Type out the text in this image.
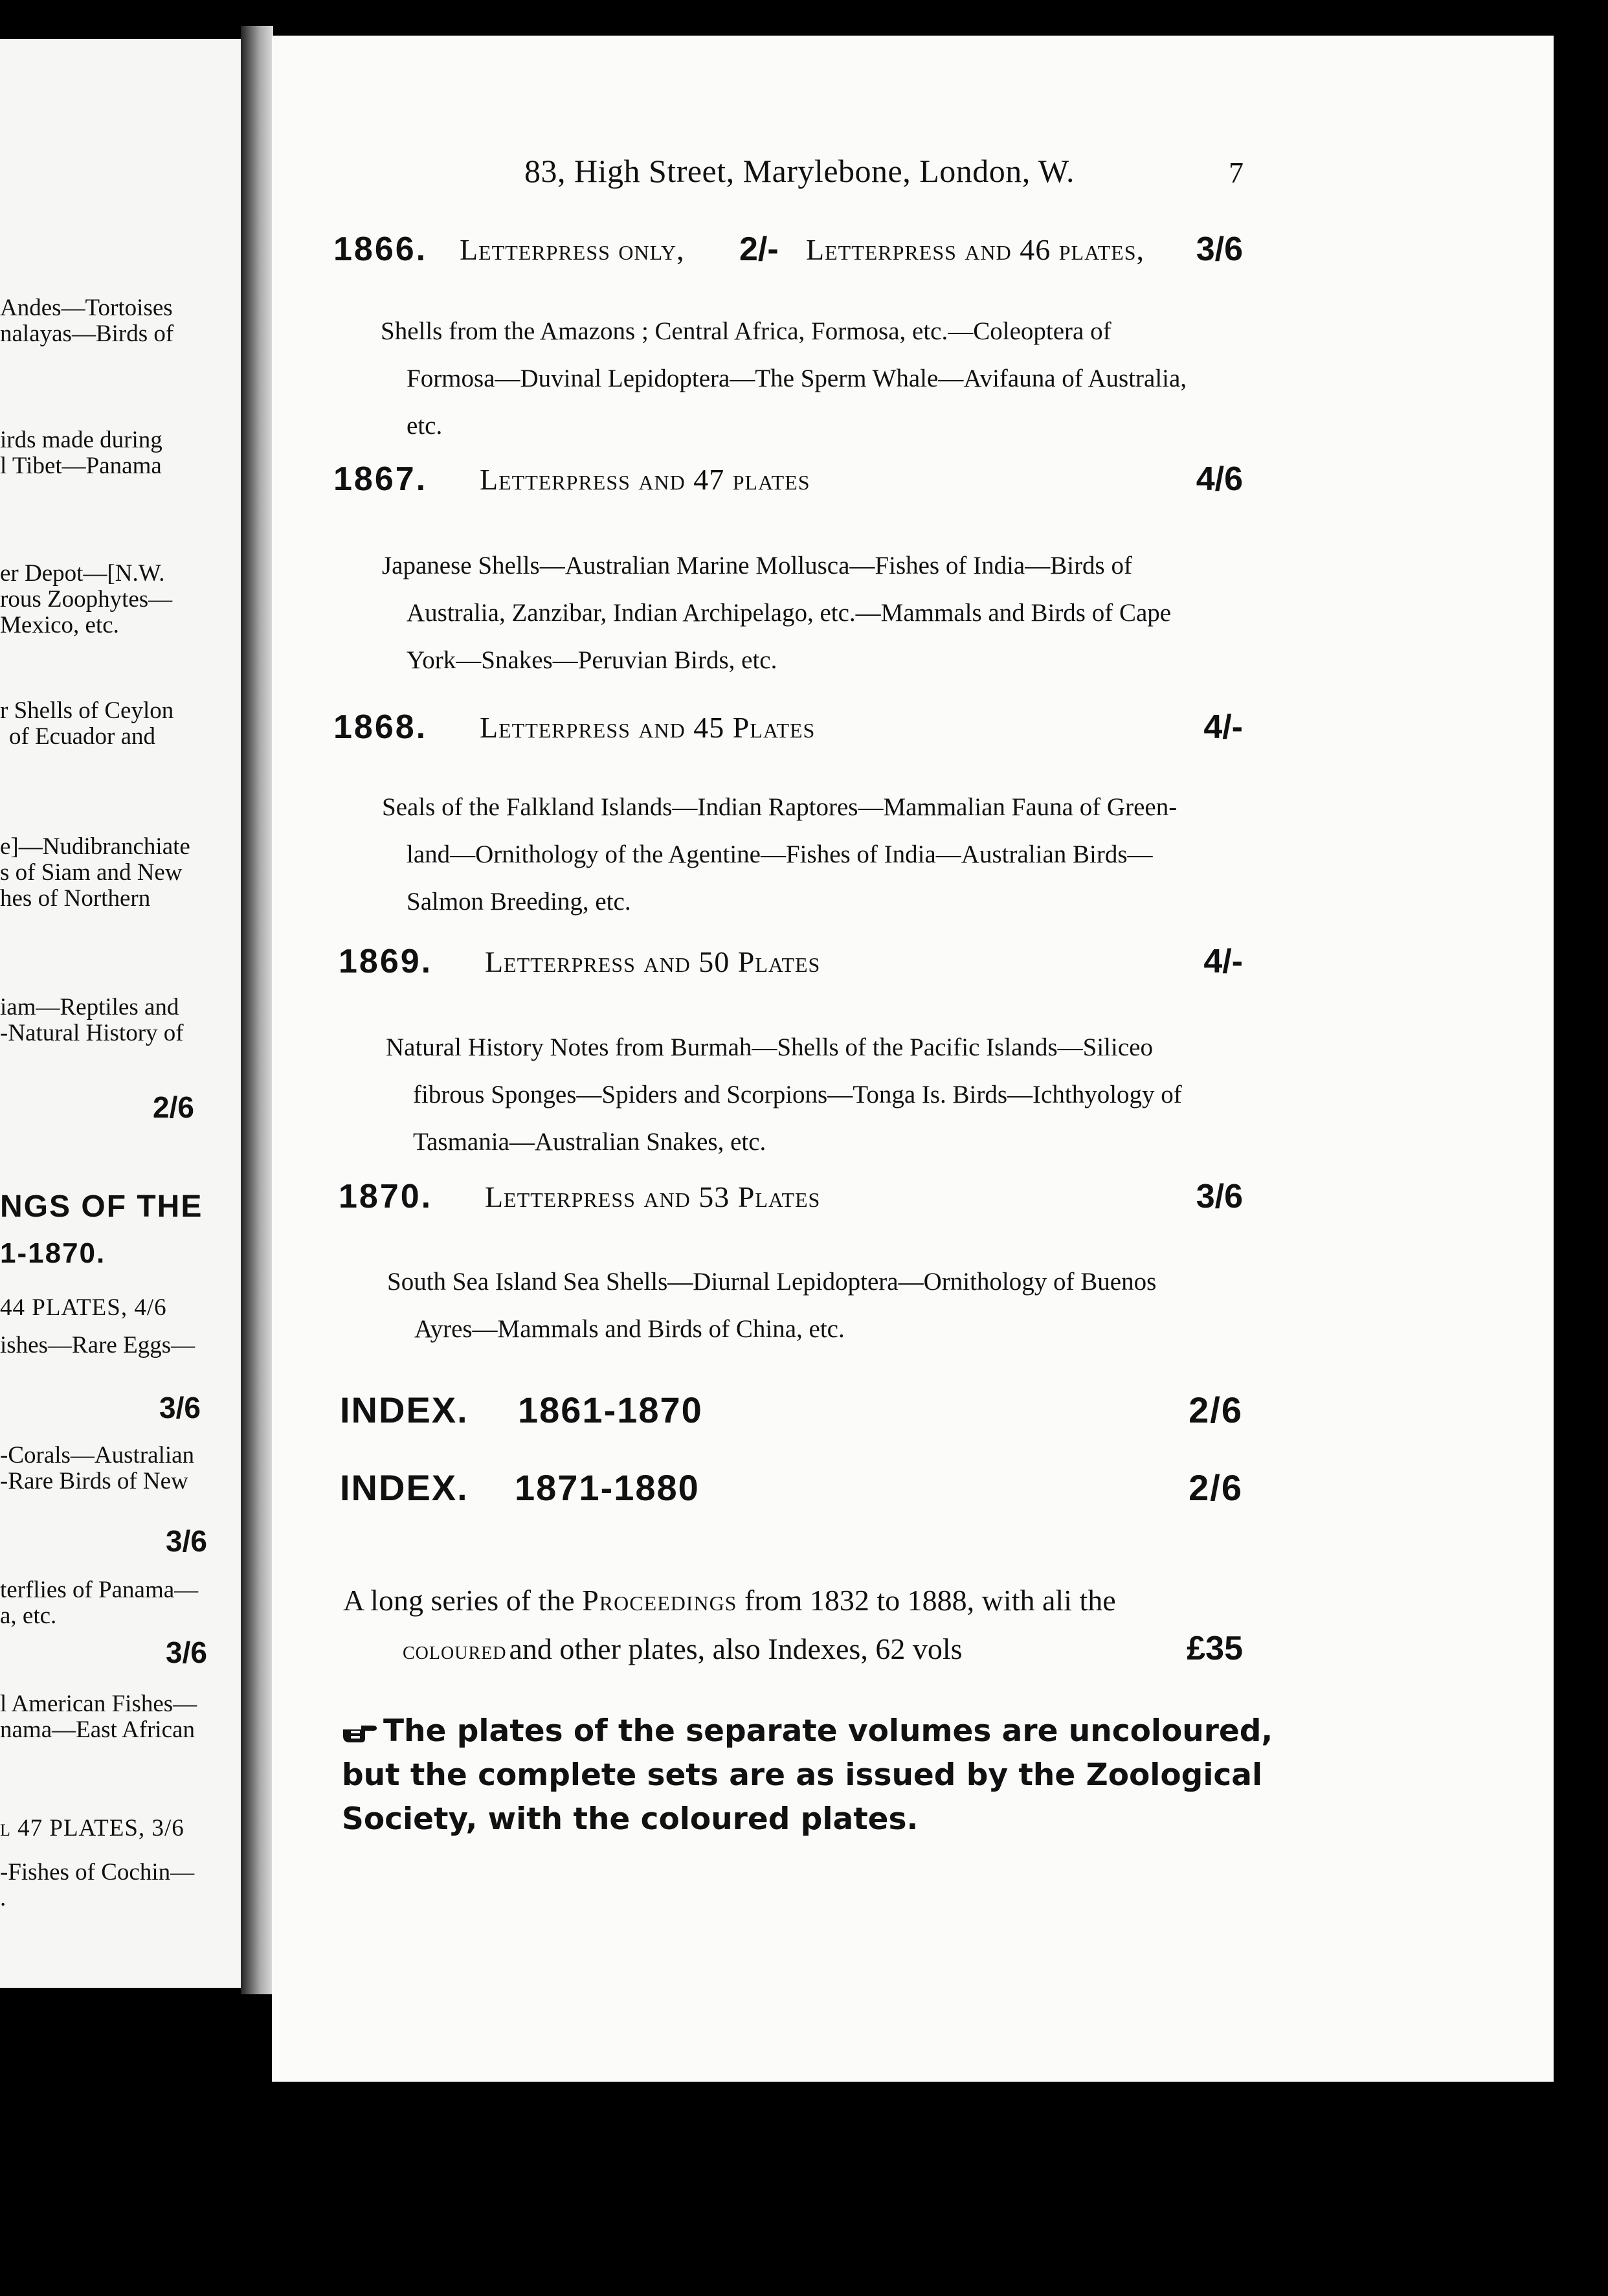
Andes—Tortoises
nalayas—Birds of
irds made during
l Tibet—Panama
er Depot—[N.W.
rous Zoophytes—
Mexico, etc.
r Shells of Ceylon
of Ecuador and
e]—Nudibranchiate
s of Siam and New
hes of Northern
iam—Reptiles and
-Natural History of
2/6
NGS OF THE
1-1870.
44 PLATES, 4/6
ishes—Rare Eggs—
3/6
-Corals—Australian
-Rare Birds of New
3/6
terflies of Panama—
a, etc.
3/6
l American Fishes—
nama—East African
l 47 PLATES, 3/6
-Fishes of Cochin—
.
83, High Street, Marylebone, London, W.	7
1866. Letterpress only, 2/- Letterpress and 46 plates, 3/6
Shells from the Amazons ; Central Africa, Formosa, etc.—Coleoptera of
Formosa—Duvinal Lepidoptera—The Sperm Whale—Avifauna of Australia,
etc.
1867. Letterpress and 47 plates	4/6
Japanese Shells—Australian Marine Mollusca—Fishes of India—Birds of
Australia, Zanzibar, Indian Archipelago, etc.—Mammals and Birds of Cape
York—Snakes—Peruvian Birds, etc.
1868. Letterpress and 45 Plates	4/-
Seals of the Falkland Islands—Indian Raptores—Mammalian Fauna of Green-
land—Ornithology of the Agentine—Fishes of India—Australian Birds—
Salmon Breeding, etc.
1869. Letterpress and 50 Plates	4/-
Natural History Notes from Burmah—Shells of the Pacific Islands—Siliceo
fibrous Sponges—Spiders and Scorpions—Tonga Is. Birds—Ichthyology of
Tasmania—Australian Snakes, etc.
1870. Letterpress and 53 Plates	3/6
South Sea Island Sea Shells—Diurnal Lepidoptera—Ornithology of Buenos
Ayres—Mammals and Birds of China, etc.
INDEX. 1861-1870	2/6
INDEX. 1871-1880	2/6
A long series of the Proceedings from 1832 to 1888, with ali the
coloured and other plates, also Indexes, 62 vols	£35
The plates of the separate volumes are uncoloured,
but the complete sets are as issued by the Zoological
Society, with the coloured plates.
